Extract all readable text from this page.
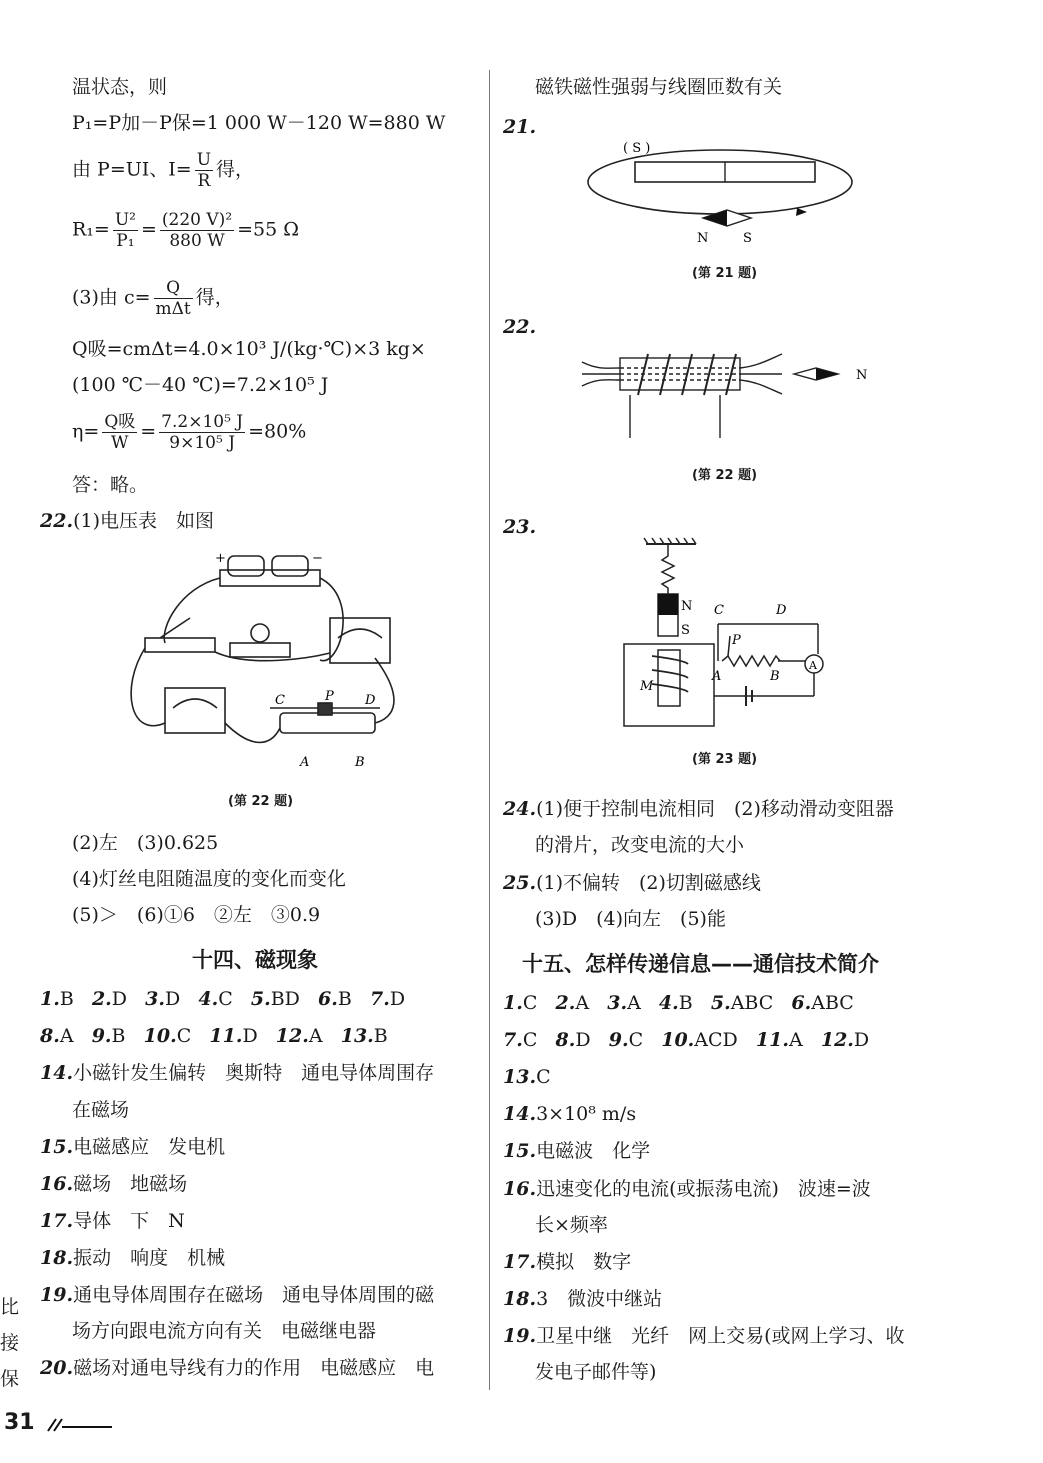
温状态，则
P₁=P加－P保=1 000 W－120 W=880 W
由 P=UI、$I= \frac{U}{R}$ 得，
$R_1= \frac{\text{U²}}{\text{P₁}} = \frac{\text{(220 V)²}}{880 W} =55$ Ω
(3)由 $c= \frac{Q}{\text{mΔt}}$ 得，
Q吸=cmΔt=4.0×10³ J/(kg·℃)×3 kg×
(100 ℃－40 ℃)=7.2×10⁵ J
$\eta= \frac{\text{Q吸}}{W} = \frac{\text{7.2×10⁵ J}}{\text{9×10⁵ J}} =80\%$
答：略。
22.(1)电压表　如图
+	−
C	P D
A	B
(第 22 题)
(2)左　(3)0.625
(4)灯丝电阻随温度的变化而变化
(5)＞　(6)①6　②左　③0.9
十四、磁现象
1.B 2.D 3.D 4.C 5.BD 6.B 7.D
8.A 9.B 10.C 11.D 12.A 13.B
14.小磁针发生偏转　奥斯特　通电导体周围存
在磁场
15.电磁感应　发电机
16.磁场　地磁场
17.导体　下　N
18.振动　响度　机械
19.通电导体周围存在磁场　通电导体周围的磁
场方向跟电流方向有关　电磁继电器
20.磁场对通电导线有力的作用　电磁感应　电
比
接
保
31
磁铁磁性强弱与线圈匝数有关
21.
( S )
N	S
(第 21 题)
22.
N
(第 22 题)
23.
N
S
C	D
P
A	B
M
A
(第 23 题)
24.(1)便于控制电流相同　(2)移动滑动变阻器
的滑片，改变电流的大小
25.(1)不偏转　(2)切割磁感线
(3)D　(4)向左　(5)能
十五、怎样传递信息——通信技术简介
1.C 2.A 3.A 4.B 5.ABC 6.ABC
7.C 8.D 9.C 10.ACD 11.A 12.D
13.C
14.3×10⁸ m/s
15.电磁波　化学
16.迅速变化的电流(或振荡电流)　波速=波
长×频率
17.模拟　数字
18.3　微波中继站
19.卫星中继　光纤　网上交易(或网上学习、收
发电子邮件等)
